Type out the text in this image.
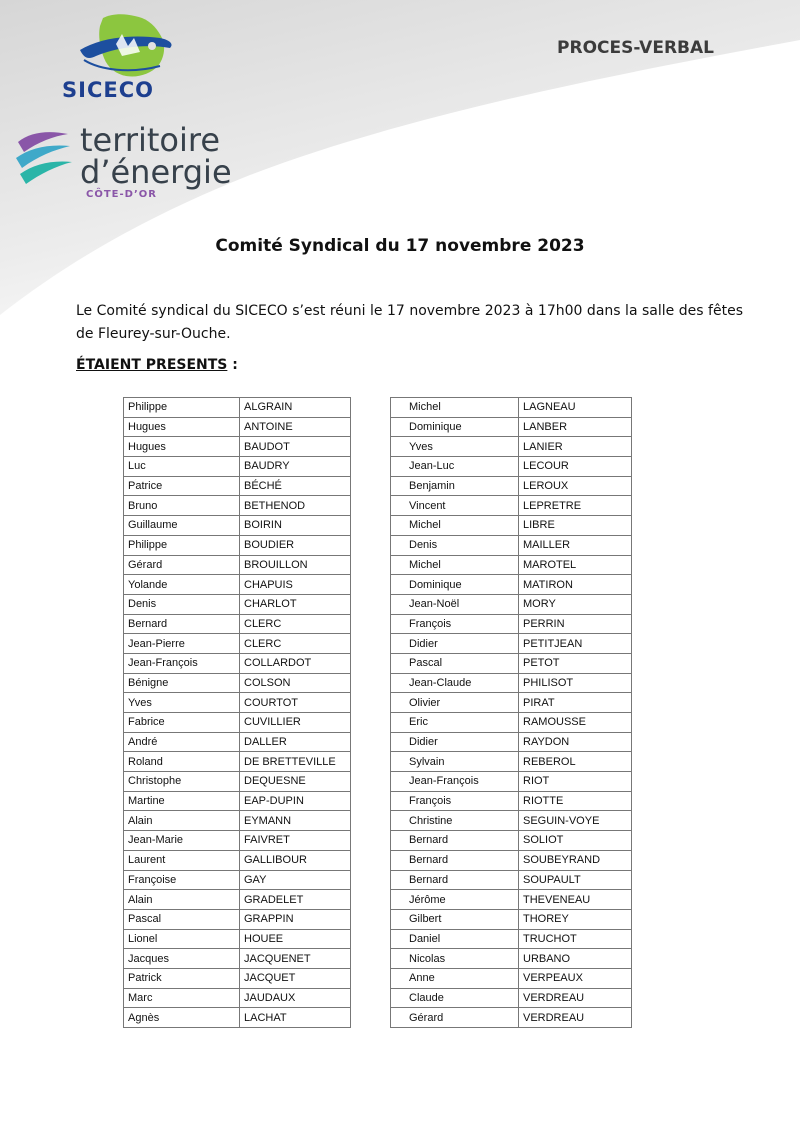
SICECO
territoire
d’énergie
CÔTE-D’OR
PROCES-VERBAL
Comité Syndical du 17 novembre 2023

Le Comité syndical du SICECO s’est réuni le 17 novembre 2023 à 17h00 dans la salle des fêtes de Fleurey-sur-Ouche.

ÉTAIENT PRESENTS :
Philippe	ALGRAIN
Hugues	ANTOINE
Hugues	BAUDOT
Luc	BAUDRY
Patrice	BÉCHÉ
Bruno	BETHENOD
Guillaume	BOIRIN
Philippe	BOUDIER
Gérard	BROUILLON
Yolande	CHAPUIS
Denis	CHARLOT
Bernard	CLERC
Jean-Pierre	CLERC
Jean-François	COLLARDOT
Bénigne	COLSON
Yves	COURTOT
Fabrice	CUVILLIER
André	DALLER
Roland	DE BRETTEVILLE
Christophe	DEQUESNE
Martine	EAP-DUPIN
Alain	EYMANN
Jean-Marie	FAIVRET
Laurent	GALLIBOUR
Françoise	GAY
Alain	GRADELET
Pascal	GRAPPIN
Lionel	HOUEE
Jacques	JACQUENET
Patrick	JACQUET
Marc	JAUDAUX
Agnès	LACHAT
Michel	LAGNEAU
Dominique	LANBER
Yves	LANIER
Jean-Luc	LECOUR
Benjamin	LEROUX
Vincent	LEPRETRE
Michel	LIBRE
Denis	MAILLER
Michel	MAROTEL
Dominique	MATIRON
Jean-Noël	MORY
François	PERRIN
Didier	PETITJEAN
Pascal	PETOT
Jean-Claude	PHILISOT
Olivier	PIRAT
Eric	RAMOUSSE
Didier	RAYDON
Sylvain	REBEROL
Jean-François	RIOT
François	RIOTTE
Christine	SEGUIN-VOYE
Bernard	SOLIOT
Bernard	SOUBEYRAND
Bernard	SOUPAULT
Jérôme	THEVENEAU
Gilbert	THOREY
Daniel	TRUCHOT
Nicolas	URBANO
Anne	VERPEAUX
Claude	VERDREAU
Gérard	VERDREAU
